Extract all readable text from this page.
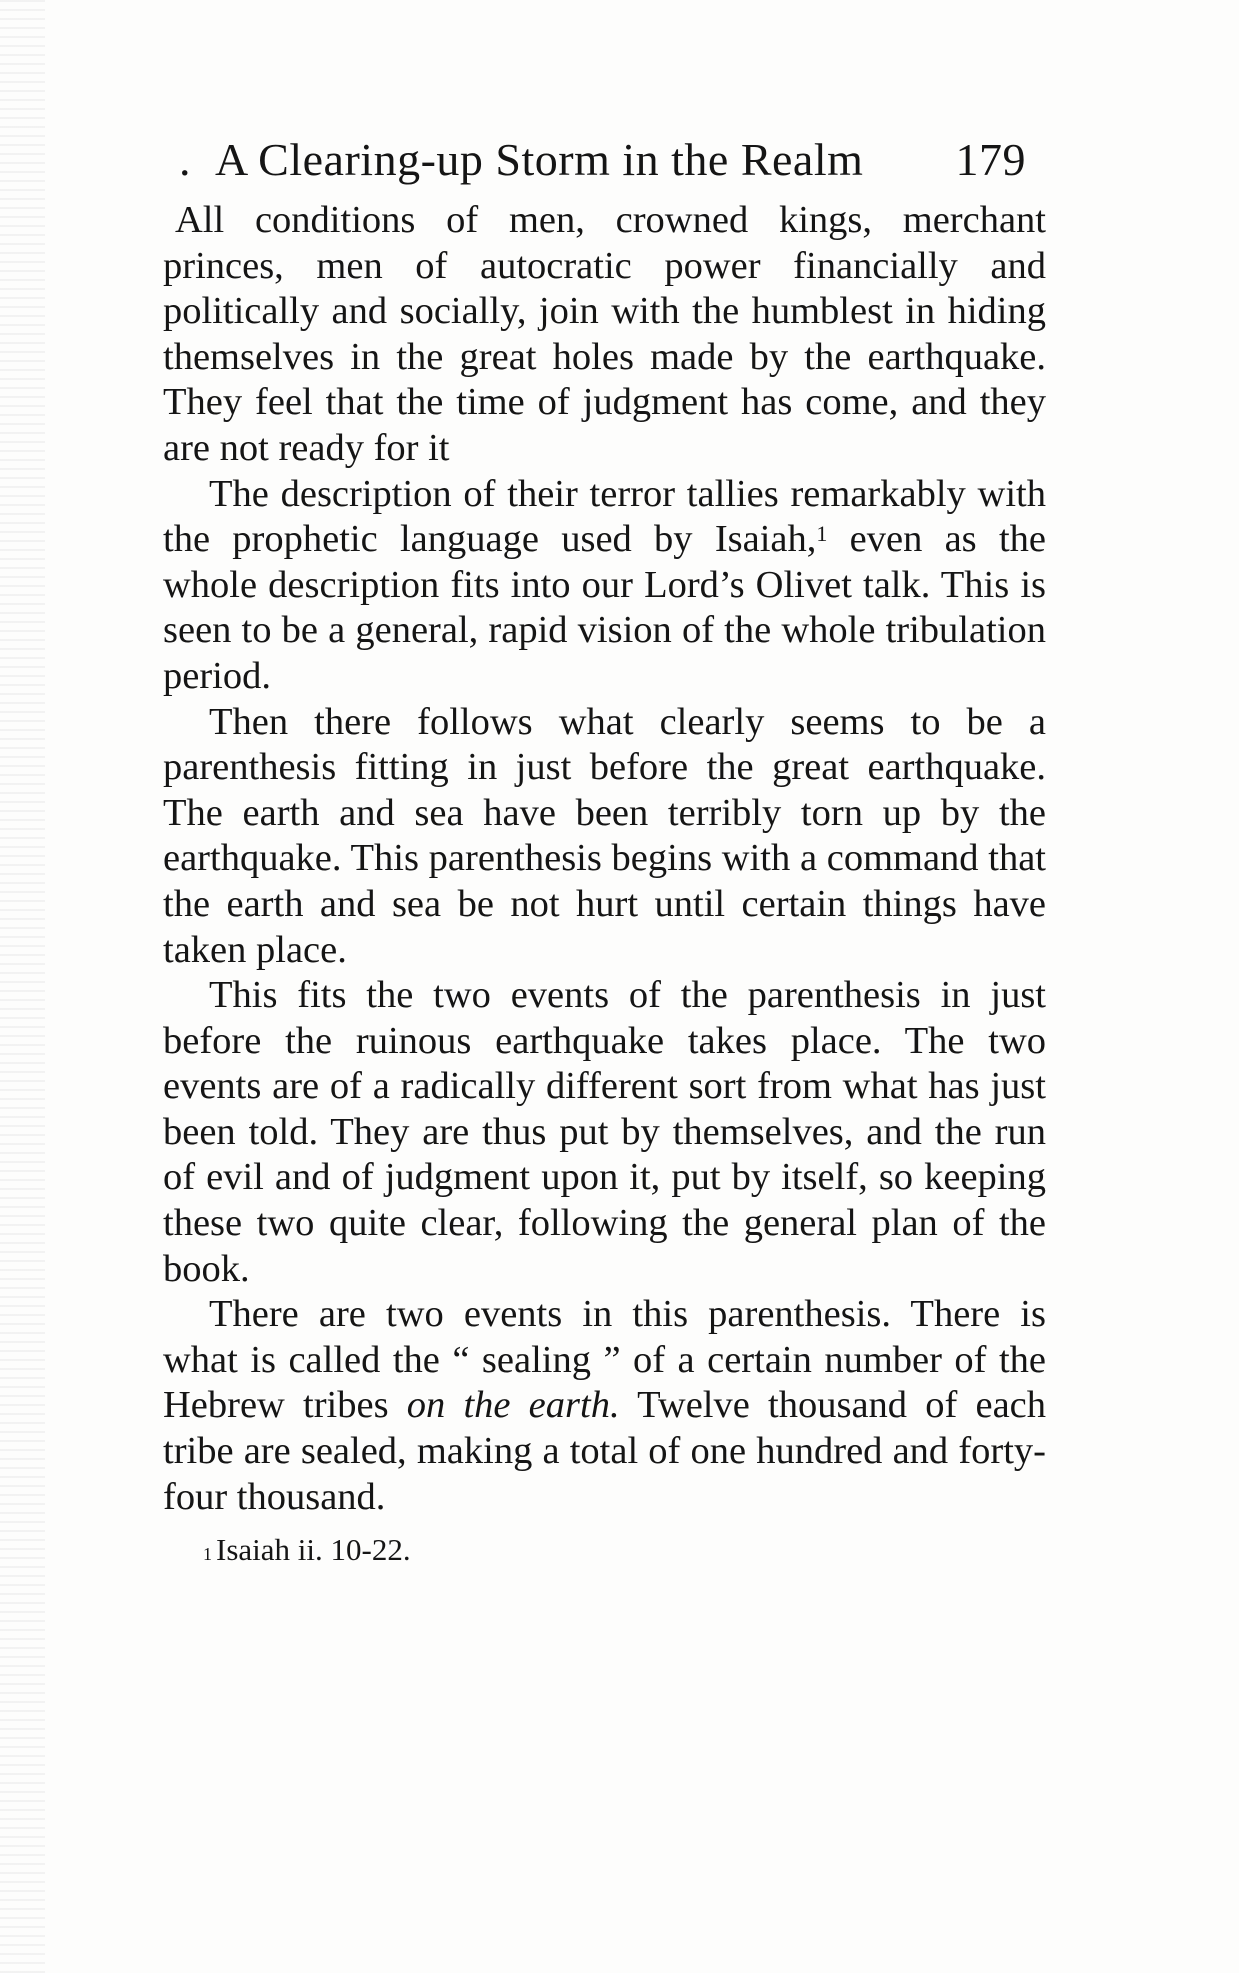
. A Clearing-up Storm in the Realm 179

All conditions of men, crowned kings, merchant princes, men of autocratic power financially and politically and socially, join with the humblest in hiding themselves in the great holes made by the earthquake. They feel that the time of judgment has come, and they are not ready for it

The description of their terror tallies remarkably with the prophetic language used by Isaiah,$^1$ even as the whole description fits into our Lord’s Olivet talk. This is seen to be a general, rapid vision of the whole tribulation period.

Then there follows what clearly seems to be a parenthesis fitting in just before the great earthquake. The earth and sea have been terribly torn up by the earthquake. This parenthesis begins with a command that the earth and sea be not hurt until certain things have taken place.

This fits the two events of the parenthesis in just before the ruinous earthquake takes place. The two events are of a radically different sort from what has just been told. They are thus put by themselves, and the run of evil and of judgment upon it, put by itself, so keeping these two quite clear, following the general plan of the book.

There are two events in this parenthesis. There is what is called the “ sealing ” of a certain number of the Hebrew tribes on the earth. Twelve thousand of each tribe are sealed, making a total of one hundred and forty-four thousand.

$^1$ Isaiah ii. 10-22.
